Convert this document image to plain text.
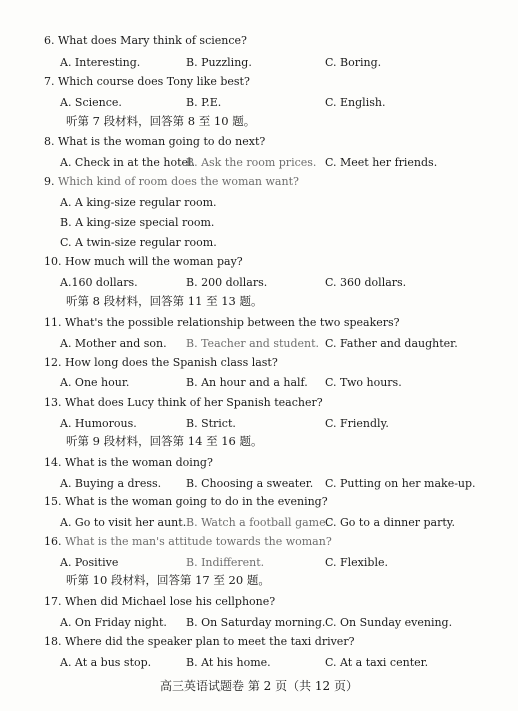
6. What does Mary think of science?
A. Interesting.	B. Puzzling.	C. Boring.
7. Which course does Tony like best?
A. Science.	B. P.E.	C. English.
听第 7 段材料，回答第 8 至 10 题。
8. What is the woman going to do next?
A. Check in at the hotel.
B. Ask the room prices. C. Meet her friends.
9. Which kind of room does the woman want?
A. A king-size regular room.
B. A king-size special room.
C. A twin-size regular room.
10. How much will the woman pay?
A.160 dollars.	B. 200 dollars.	C. 360 dollars.
听第 8 段材料，回答第 11 至 13 题。
11. What's the possible relationship between the two speakers?
A. Mother and son. B. Teacher and student. C. Father and daughter.
12. How long does the Spanish class last?
A. One hour.	B. An hour and a half. C. Two hours.
13. What does Lucy think of her Spanish teacher?
A. Humorous.	B. Strict.	C. Friendly.
听第 9 段材料，回答第 14 至 16 题。
14. What is the woman doing?
A. Buying a dress. B. Choosing a sweater. C. Putting on her make-up.
15. What is the woman going to do in the evening?
A. Go to visit her aunt. B. Watch a football game.
C. Go to a dinner party.
16. What is the man's attitude towards the woman?
A. Positive	B. Indifferent.	C. Flexible.
听第 10 段材料，回答第 17 至 20 题。
17. When did Michael lose his cellphone?
A. On Friday night. B. On Saturday morning. C. On Sunday evening.
18. Where did the speaker plan to meet the taxi driver?
A. At a bus stop.	B. At his home.	C. At a taxi center.
高三英语试题卷 第 2 页（共 12 页）
